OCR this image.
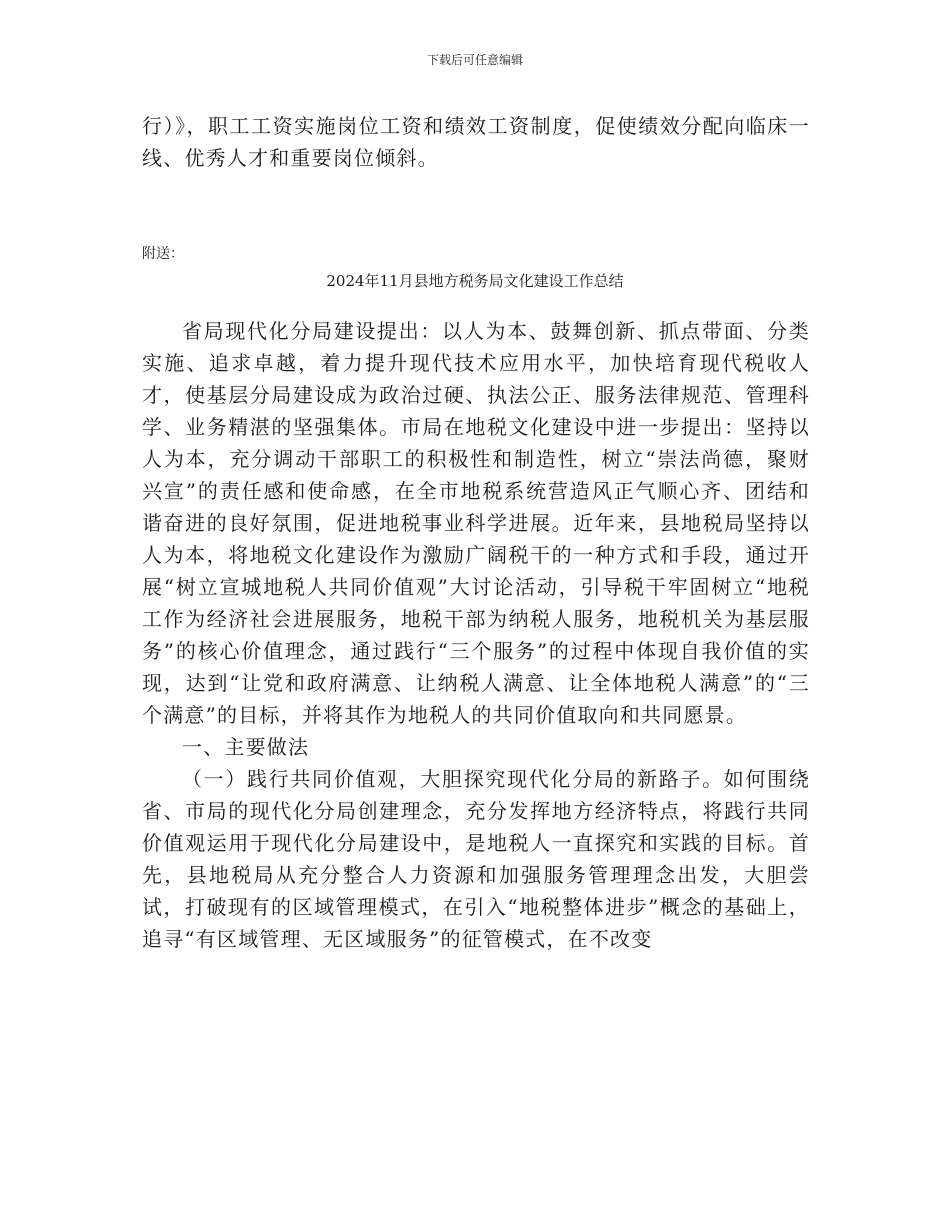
下载后可任意编辑
行）》，职工工资实施岗位工资和绩效工资制度，促使绩效分配向临床一线、优秀人才和重要岗位倾斜。
附送：
2024年11月县地方税务局文化建设工作总结

省局现代化分局建设提出：以人为本、鼓舞创新、抓点带面、分类实施、追求卓越，着力提升现代技术应用水平，加快培育现代税收人才，使基层分局建设成为政治过硬、执法公正、服务法律规范、管理科学、业务精湛的坚强集体。市局在地税文化建设中进一步提出：坚持以人为本，充分调动干部职工的积极性和制造性，树立“崇法尚德，聚财兴宣”的责任感和使命感，在全市地税系统营造风正气顺心齐、团结和谐奋进的良好氛围，促进地税事业科学进展。近年来，县地税局坚持以人为本，将地税文化建设作为激励广阔税干的一种方式和手段，通过开展“树立宣城地税人共同价值观”大讨论活动，引导税干牢固树立“地税工作为经济社会进展服务，地税干部为纳税人服务，地税机关为基层服务”的核心价值理念，通过践行“三个服务”的过程中体现自我价值的实现，达到“让党和政府满意、让纳税人满意、让全体地税人满意”的“三个满意”的目标，并将其作为地税人的共同价值取向和共同愿景。

一、主要做法

（一）践行共同价值观，大胆探究现代化分局的新路子。如何围绕省、市局的现代化分局创建理念，充分发挥地方经济特点，将践行共同价值观运用于现代化分局建设中，是地税人一直探究和实践的目标。首先，县地税局从充分整合人力资源和加强服务管理理念出发，大胆尝试，打破现有的区域管理模式，在引入“地税整体进步”概念的基础上，追寻“有区域管理、无区域服务”的征管模式，在不改变
